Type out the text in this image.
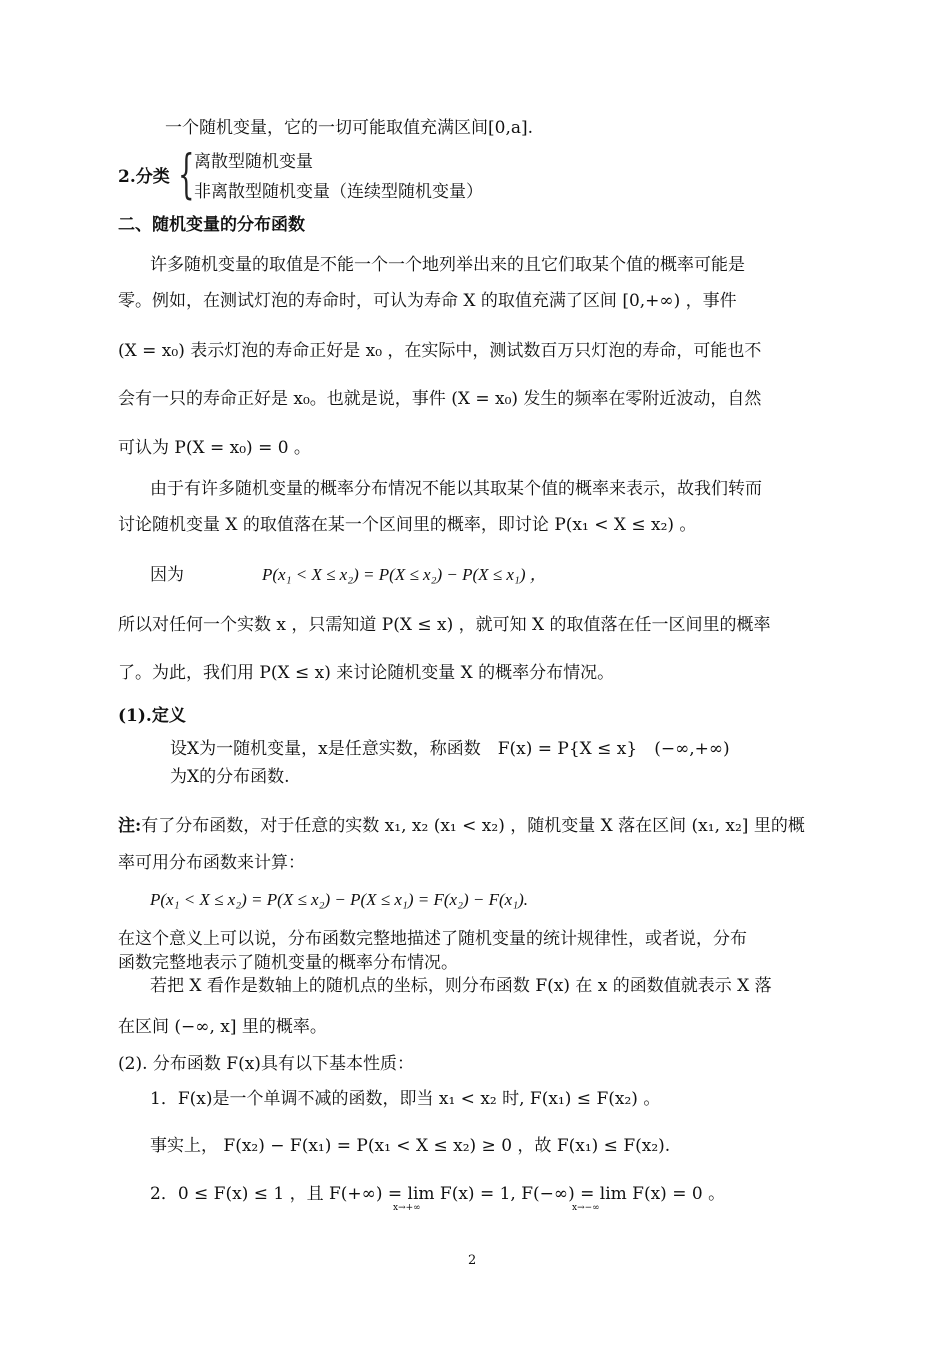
一个随机变量，它的一切可能取值充满区间[0,a].
2.分类 { 离散型随机变量
非离散型随机变量（连续型随机变量）
二、随机变量的分布函数
许多随机变量的取值是不能一个一个地列举出来的且它们取某个值的概率可能是
零。例如，在测试灯泡的寿命时，可认为寿命 X 的取值充满了区间 [0,+∞) ，事件
(X = x₀) 表示灯泡的寿命正好是 x₀ ，在实际中，测试数百万只灯泡的寿命，可能也不
会有一只的寿命正好是 x₀。也就是说，事件 (X = x₀) 发生的频率在零附近波动，自然
可认为 P(X = x₀) = 0 。
由于有许多随机变量的概率分布情况不能以其取某个值的概率来表示，故我们转而
讨论随机变量 X 的取值落在某一个区间里的概率，即讨论 P(x₁ < X ≤ x₂) 。
因为	P(x₁ < X ≤ x₂) = P(X ≤ x₂) − P(X ≤ x₁) ，
所以对任何一个实数 x ，只需知道 P(X ≤ x) ，就可知 X 的取值落在任一区间里的概率
了。为此，我们用 P(X ≤ x) 来讨论随机变量 X 的概率分布情况。
(1).定义
设X为一随机变量，x是任意实数，称函数　F(x) = P{X ≤ x}　(−∞,+∞)
为X的分布函数.
注:有了分布函数，对于任意的实数 x₁, x₂ (x₁ < x₂) ，随机变量 X 落在区间 (x₁, x₂] 里的概
率可用分布函数来计算：
P(x₁ < X ≤ x₂) = P(X ≤ x₂) − P(X ≤ x₁) = F(x₂) − F(x₁).
在这个意义上可以说，分布函数完整地描述了随机变量的统计规律性，或者说，分布
函数完整地表示了随机变量的概率分布情况。
若把 X 看作是数轴上的随机点的坐标，则分布函数 F(x) 在 x 的函数值就表示 X 落
在区间 (−∞, x] 里的概率。
(2). 分布函数 F(x)具有以下基本性质：
1．F(x)是一个单调不减的函数，即当 x₁ < x₂ 时, F(x₁) ≤ F(x₂) 。
事实上， F(x₂) − F(x₁) = P(x₁ < X ≤ x₂) ≥ 0 ，故 F(x₁) ≤ F(x₂).
2．0 ≤ F(x) ≤ 1 ，且 F(+∞) = lim F(x) = 1, F(−∞) = lim F(x) = 0 。
x→+∞	x→−∞
2
